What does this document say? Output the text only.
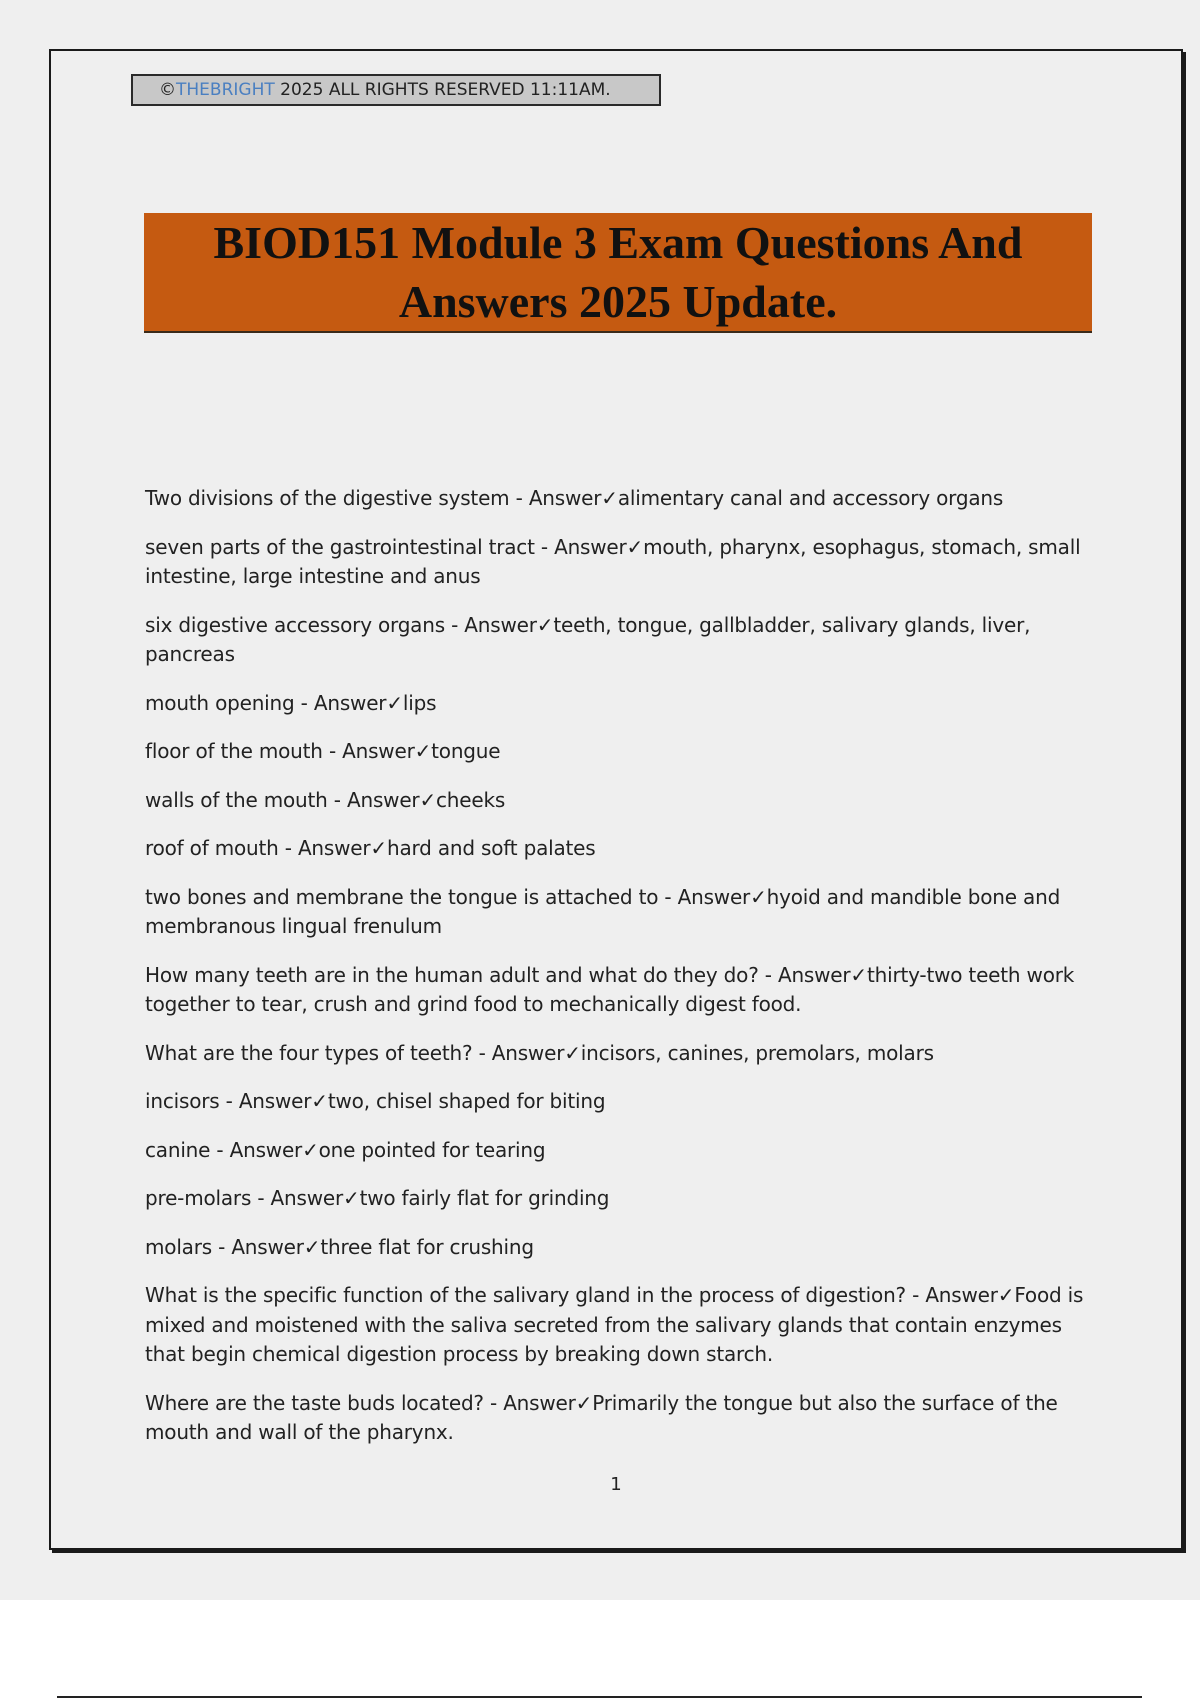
©THEBRIGHT 2025 ALL RIGHTS RESERVED 11:11AM.
BIOD151 Module 3 Exam Questions And
Answers 2025 Update.
Two divisions of the digestive system - Answer✓alimentary canal and accessory organs
seven parts of the gastrointestinal tract - Answer✓mouth, pharynx, esophagus, stomach, small intestine, large intestine and anus
six digestive accessory organs - Answer✓teeth, tongue, gallbladder, salivary glands, liver, pancreas
mouth opening - Answer✓lips
floor of the mouth - Answer✓tongue
walls of the mouth - Answer✓cheeks
roof of mouth - Answer✓hard and soft palates
two bones and membrane the tongue is attached to - Answer✓hyoid and mandible bone and membranous lingual frenulum
How many teeth are in the human adult and what do they do? - Answer✓thirty-two teeth work together to tear, crush and grind food to mechanically digest food.
What are the four types of teeth? - Answer✓incisors, canines, premolars, molars
incisors - Answer✓two, chisel shaped for biting
canine - Answer✓one pointed for tearing
pre-molars - Answer✓two fairly flat for grinding
molars - Answer✓three flat for crushing
What is the specific function of the salivary gland in the process of digestion? - Answer✓Food is mixed and moistened with the saliva secreted from the salivary glands that contain enzymes that begin chemical digestion process by breaking down starch.
Where are the taste buds located? - Answer✓Primarily the tongue but also the surface of the mouth and wall of the pharynx.
1
